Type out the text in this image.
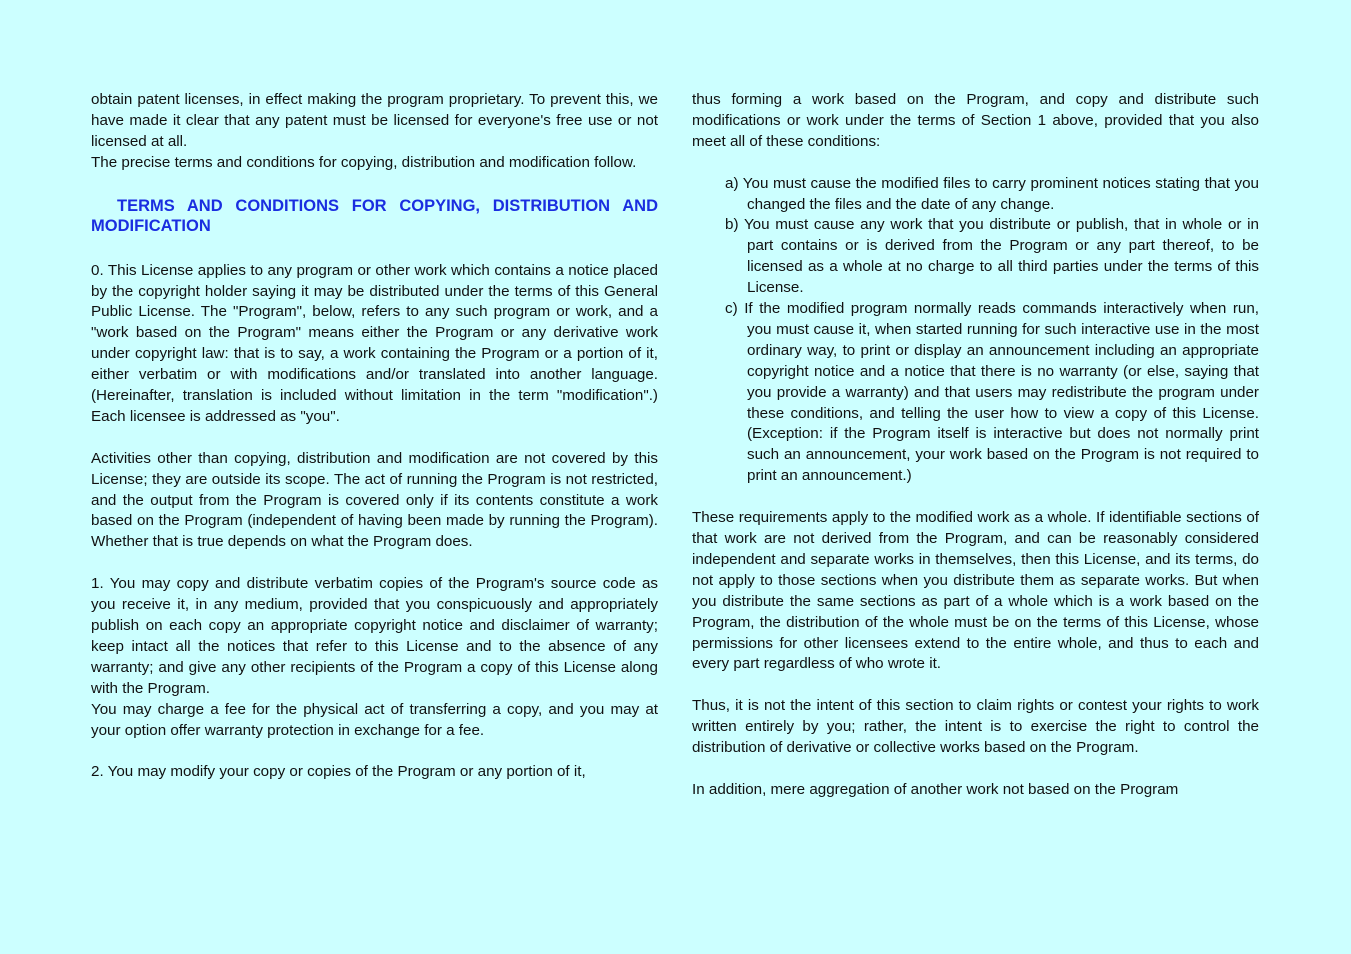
obtain patent licenses, in effect making the program proprietary. To prevent this, we have made it clear that any patent must be licensed for everyone's free use or not licensed at all.

The precise terms and conditions for copying, distribution and modification follow.

TERMS AND CONDITIONS FOR COPYING, DISTRIBUTION AND MODIFICATION

0. This License applies to any program or other work which contains a notice placed by the copyright holder saying it may be distributed under the terms of this General Public License. The "Program", below, refers to any such program or work, and a "work based on the Program" means either the Program or any derivative work under copyright law: that is to say, a work containing the Program or a portion of it, either verbatim or with modifications and/or translated into another language. (Hereinafter, translation is included without limitation in the term "modification".) Each licensee is addressed as "you".

Activities other than copying, distribution and modification are not covered by this License; they are outside its scope. The act of running the Program is not restricted, and the output from the Program is covered only if its contents constitute a work based on the Program (independent of having been made by running the Program). Whether that is true depends on what the Program does.

1. You may copy and distribute verbatim copies of the Program's source code as you receive it, in any medium, provided that you conspicuously and appropriately publish on each copy an appropriate copyright notice and disclaimer of warranty; keep intact all the notices that refer to this License and to the absence of any warranty; and give any other recipients of the Program a copy of this License along with the Program.

You may charge a fee for the physical act of transferring a copy, and you may at your option offer warranty protection in exchange for a fee.

2. You may modify your copy or copies of the Program or any portion of it,

thus forming a work based on the Program, and copy and distribute such modifications or work under the terms of Section 1 above, provided that you also meet all of these conditions:

a) You must cause the modified files to carry prominent notices stating that you changed the files and the date of any change.
b) You must cause any work that you distribute or publish, that in whole or in part contains or is derived from the Program or any part thereof, to be licensed as a whole at no charge to all third parties under the terms of this License.
c) If the modified program normally reads commands interactively when run, you must cause it, when started running for such interactive use in the most ordinary way, to print or display an announcement including an appropriate copyright notice and a notice that there is no warranty (or else, saying that you provide a warranty) and that users may redistribute the program under these conditions, and telling the user how to view a copy of this License. (Exception: if the Program itself is interactive but does not normally print such an announcement, your work based on the Program is not required to print an announcement.)

These requirements apply to the modified work as a whole. If identifiable sections of that work are not derived from the Program, and can be reasonably considered independent and separate works in themselves, then this License, and its terms, do not apply to those sections when you distribute them as separate works. But when you distribute the same sections as part of a whole which is a work based on the Program, the distribution of the whole must be on the terms of this License, whose permissions for other licensees extend to the entire whole, and thus to each and every part regardless of who wrote it.

Thus, it is not the intent of this section to claim rights or contest your rights to work written entirely by you; rather, the intent is to exercise the right to control the distribution of derivative or collective works based on the Program.

In addition, mere aggregation of another work not based on the Program
